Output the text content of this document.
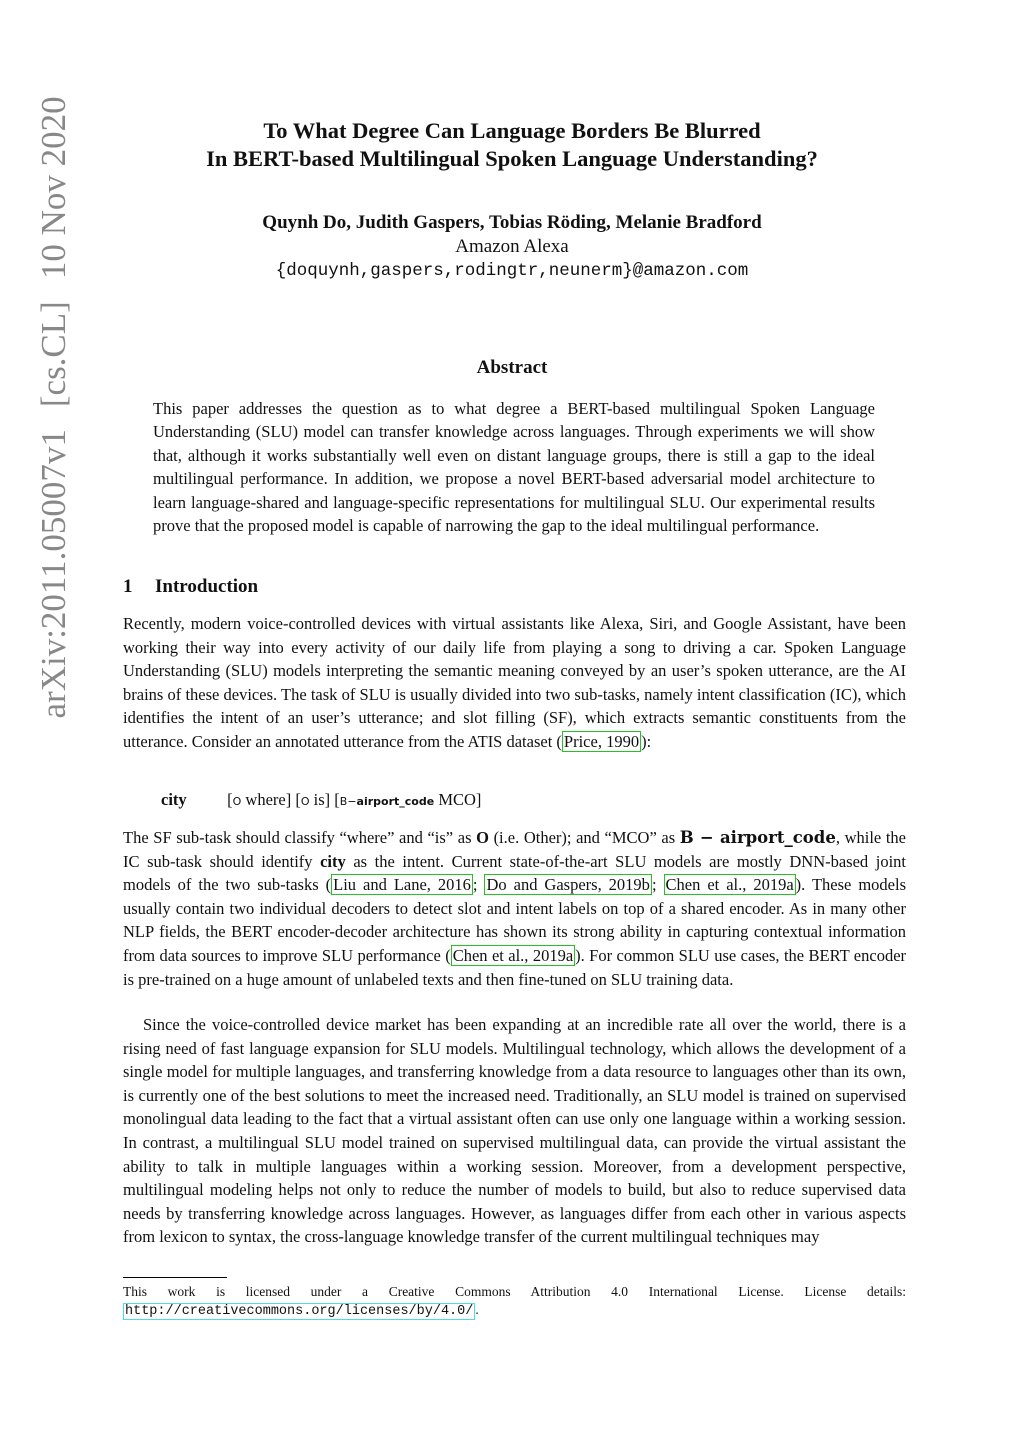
arXiv:2011.05007v1[cs.CL]10 Nov 2020	To What Degree Can Language Borders Be Blurred
In BERT-based Multilingual Spoken Language Understanding?
Quynh Do, Judith Gaspers, Tobias Röding, Melanie Bradford
Amazon Alexa
{doquynh,gaspers,rodingtr,neunerm}@amazon.com
Abstract
This paper addresses the question as to what degree a BERT-based multilingual Spoken Language Understanding (SLU) model can transfer knowledge across languages. Through experiments we will show that, although it works substantially well even on distant language groups, there is still a gap to the ideal multilingual performance. In addition, we propose a novel BERT-based adversarial model architecture to learn language-shared and language-specific representations for multilingual SLU. Our experimental results prove that the proposed model is capable of narrowing the gap to the ideal multilingual performance.
1 Introduction
Recently, modern voice-controlled devices with virtual assistants like Alexa, Siri, and Google Assistant, have been working their way into every activity of our daily life from playing a song to driving a car. Spoken Language Understanding (SLU) models interpreting the semantic meaning conveyed by an user’s spoken utterance, are the AI brains of these devices. The task of SLU is usually divided into two sub-tasks, namely intent classification (IC), which identifies the intent of an user’s utterance; and slot filling (SF), which extracts semantic constituents from the utterance. Consider an annotated utterance from the ATIS dataset ( Price, 1990 ):
city [O where] [O is] [B−airport_code MCO]
The SF sub-task should classify “where” and “is” as O (i.e. Other); and “MCO” as B − airport_code, while the IC sub-task should identify city as the intent. Current state-of-the-art SLU models are mostly DNN-based joint models of the two sub-tasks ( Liu and Lane, 2016 ; Do and Gaspers, 2019b ; Chen et al., 2019a ). These models usually contain two individual decoders to detect slot and intent labels on top of a shared encoder. As in many other NLP fields, the BERT encoder-decoder architecture has shown its strong ability in capturing contextual information from data sources to improve SLU performance ( Chen et al., 2019a ). For common SLU use cases, the BERT encoder is pre-trained on a huge amount of unlabeled texts and then fine-tuned on SLU training data.
Since the voice-controlled device market has been expanding at an incredible rate all over the world, there is a rising need of fast language expansion for SLU models. Multilingual technology, which allows the development of a single model for multiple languages, and transferring knowledge from a data resource to languages other than its own, is currently one of the best solutions to meet the increased need. Traditionally, an SLU model is trained on supervised monolingual data leading to the fact that a virtual assistant often can use only one language within a working session. In contrast, a multilingual SLU model trained on supervised multilingual data, can provide the virtual assistant the ability to talk in multiple languages within a working session. Moreover, from a development perspective, multilingual modeling helps not only to reduce the number of models to build, but also to reduce supervised data needs by transferring knowledge across languages. However, as languages differ from each other in various aspects from lexicon to syntax, the cross-language knowledge transfer of the current multilingual techniques may
This work is licensed under a Creative Commons Attribution 4.0 International License. License details: http://creativecommons.org/licenses/by/4.0/ .
